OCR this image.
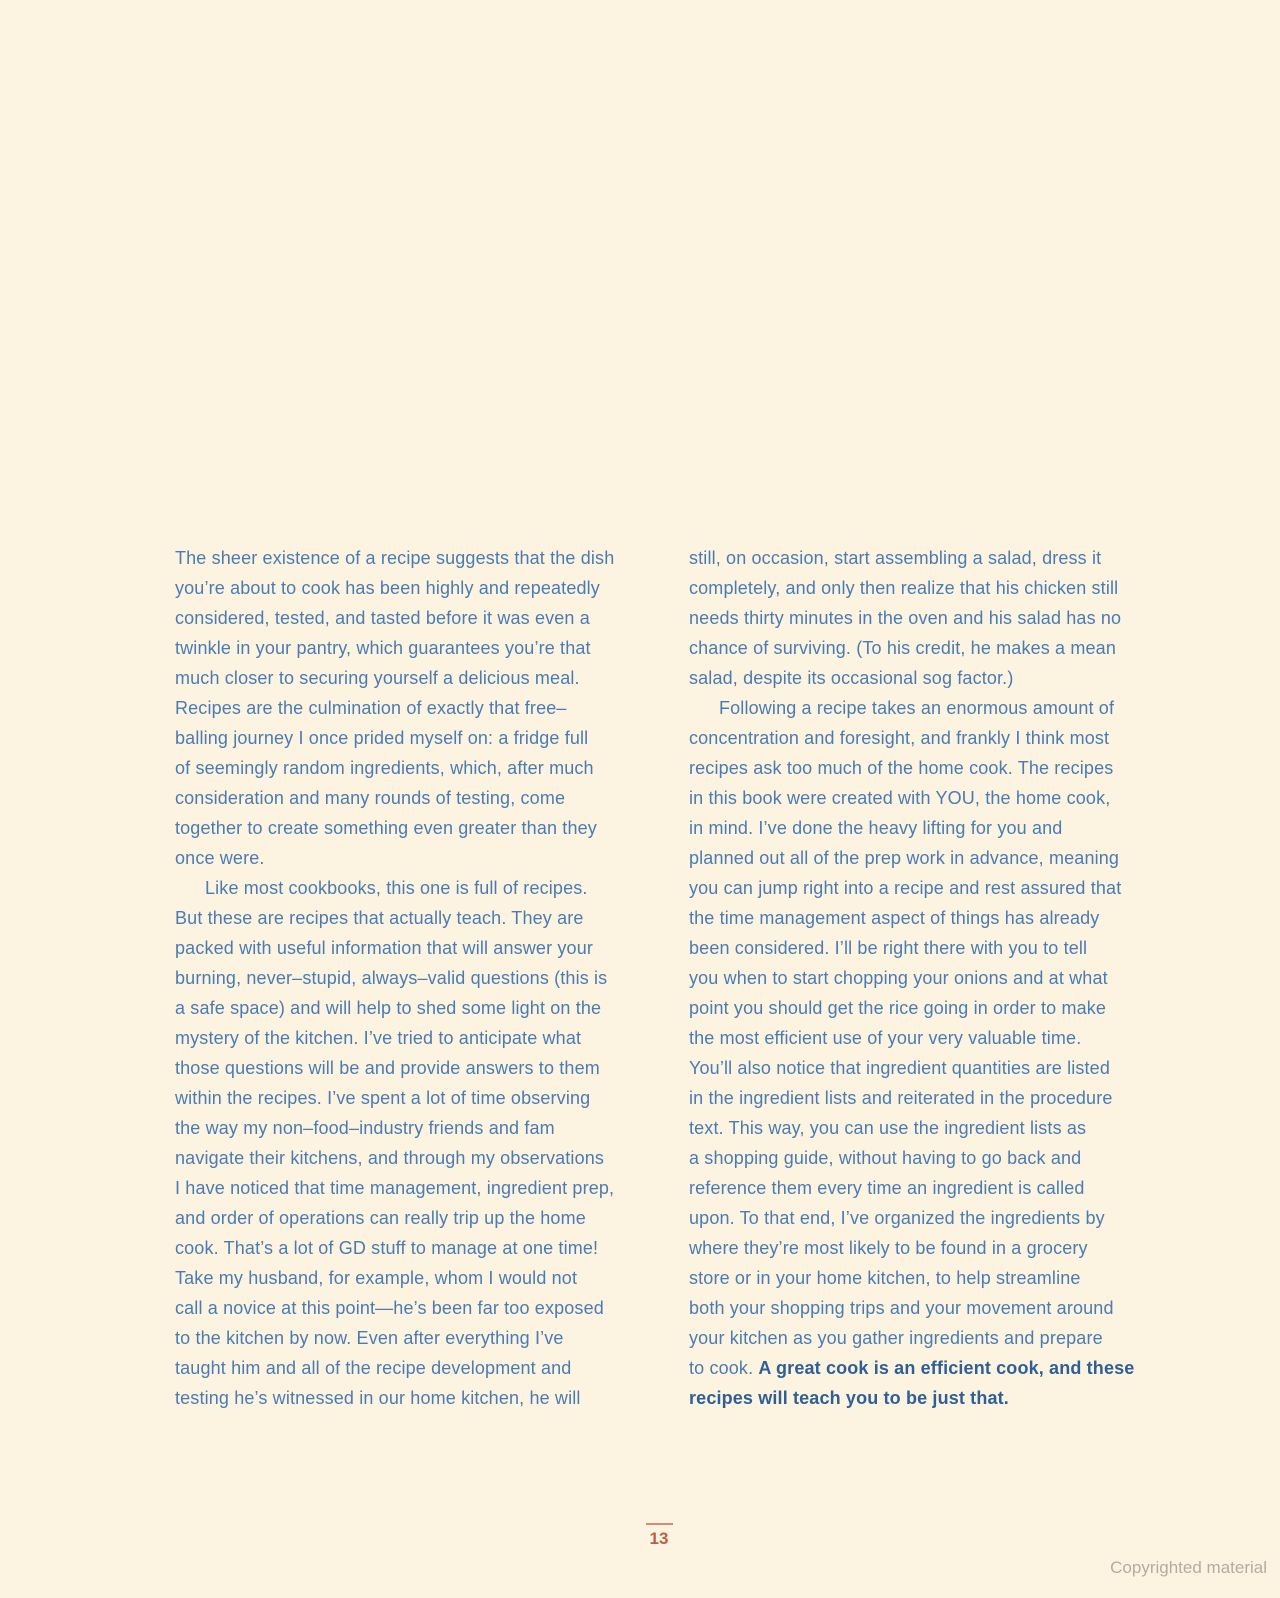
The sheer existence of a recipe suggests that the dish
you’re about to cook has been highly and repeatedly
considered, tested, and tasted before it was even a
twinkle in your pantry, which guarantees you’re that
much closer to securing yourself a delicious meal.
Recipes are the culmination of exactly that free–
balling journey I once prided myself on: a fridge full
of seemingly random ingredients, which, after much
consideration and many rounds of testing, come
together to create something even greater than they
once were.
Like most cookbooks, this one is full of recipes.
But these are recipes that actually teach. They are
packed with useful information that will answer your
burning, never–stupid, always–valid questions (this is
a safe space) and will help to shed some light on the
mystery of the kitchen. I’ve tried to anticipate what
those questions will be and provide answers to them
within the recipes. I’ve spent a lot of time observing
the way my non–food–industry friends and fam
navigate their kitchens, and through my observations
I have noticed that time management, ingredient prep,
and order of operations can really trip up the home
cook. That’s a lot of GD stuff to manage at one time!
Take my husband, for example, whom I would not
call a novice at this point—he’s been far too exposed
to the kitchen by now. Even after everything I’ve
taught him and all of the recipe development and
testing he’s witnessed in our home kitchen, he will
still, on occasion, start assembling a salad, dress it
completely, and only then realize that his chicken still
needs thirty minutes in the oven and his salad has no
chance of surviving. (To his credit, he makes a mean
salad, despite its occasional sog factor.)
Following a recipe takes an enormous amount of
concentration and foresight, and frankly I think most
recipes ask too much of the home cook. The recipes
in this book were created with YOU, the home cook,
in mind. I’ve done the heavy lifting for you and
planned out all of the prep work in advance, meaning
you can jump right into a recipe and rest assured that
the time management aspect of things has already
been considered. I’ll be right there with you to tell
you when to start chopping your onions and at what
point you should get the rice going in order to make
the most efficient use of your very valuable time.
You’ll also notice that ingredient quantities are listed
in the ingredient lists and reiterated in the procedure
text. This way, you can use the ingredient lists as
a shopping guide, without having to go back and
reference them every time an ingredient is called
upon. To that end, I’ve organized the ingredients by
where they’re most likely to be found in a grocery
store or in your home kitchen, to help streamline
both your shopping trips and your movement around
your kitchen as you gather ingredients and prepare
to cook. A great cook is an efficient cook, and these
recipes will teach you to be just that.
13
Copyrighted material
